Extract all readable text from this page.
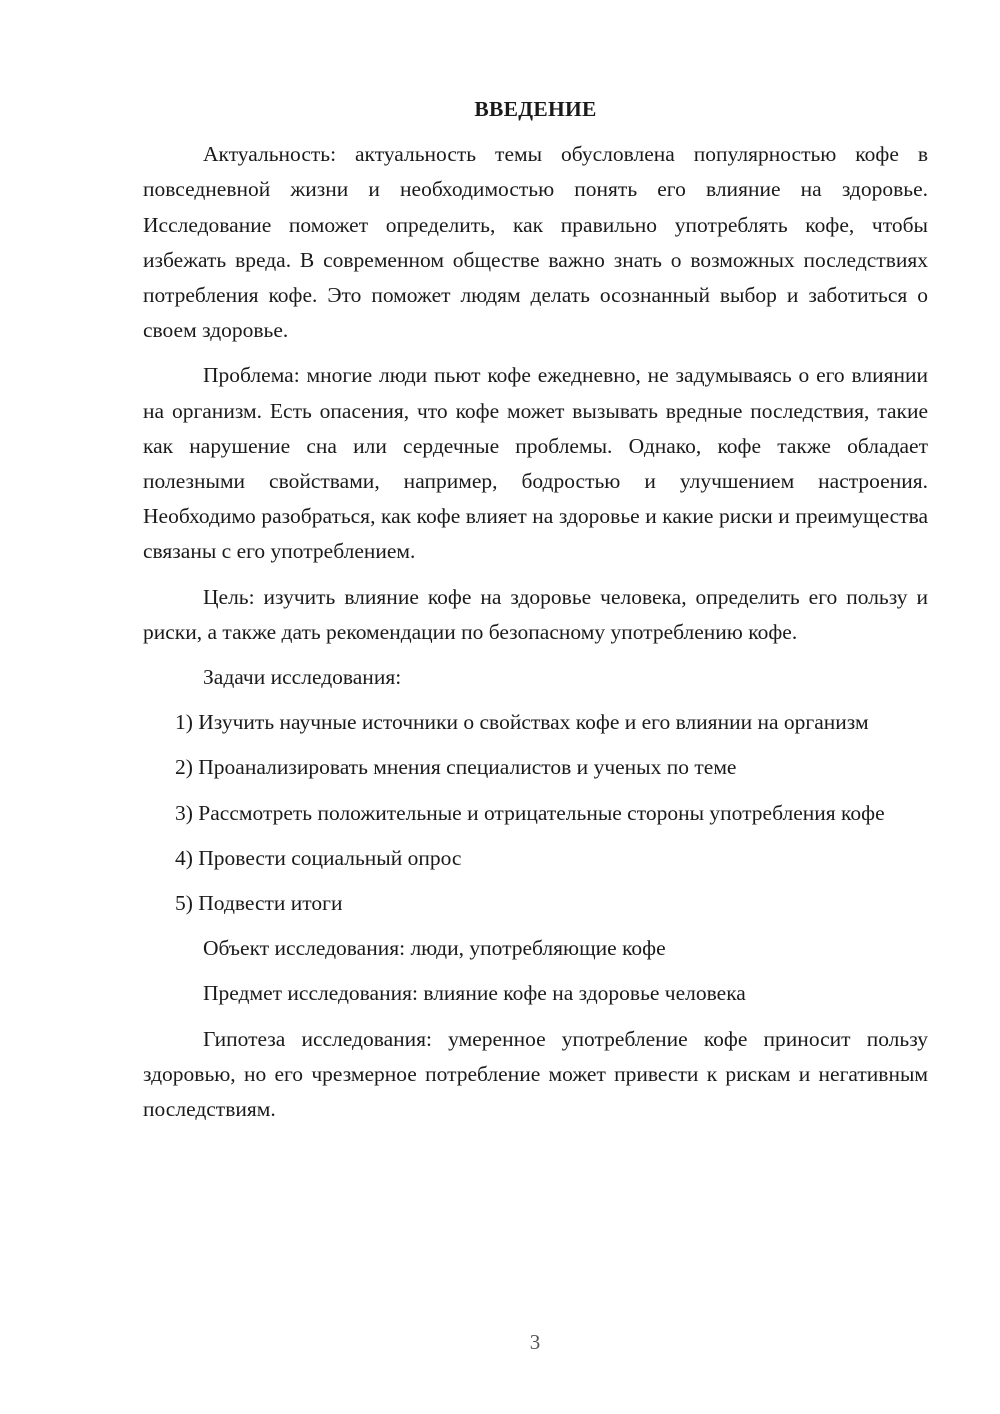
ВВЕДЕНИЕ

Актуальность: актуальность темы обусловлена популярностью кофе в повседневной жизни и необходимостью понять его влияние на здоровье. Исследование поможет определить, как правильно употреблять кофе, чтобы избежать вреда. В современном обществе важно знать о возможных последствиях потребления кофе. Это поможет людям делать осознанный выбор и заботиться о своем здоровье.

Проблема: многие люди пьют кофе ежедневно, не задумываясь о его влиянии на организм. Есть опасения, что кофе может вызывать вредные последствия, такие как нарушение сна или сердечные проблемы. Однако, кофе также обладает полезными свойствами, например, бодростью и улучшением настроения. Необходимо разобраться, как кофе влияет на здоровье и какие риски и преимущества связаны с его употреблением.

Цель: изучить влияние кофе на здоровье человека, определить его пользу и риски, а также дать рекомендации по безопасному употреблению кофе.

Задачи исследования:

1) Изучить научные источники о свойствах кофе и его влиянии на организм

2) Проанализировать мнения специалистов и ученых по теме

3) Рассмотреть положительные и отрицательные стороны употребления кофе

4) Провести социальный опрос

5) Подвести итоги

Объект исследования: люди, употребляющие кофе

Предмет исследования: влияние кофе на здоровье человека

Гипотеза исследования: умеренное употребление кофе приносит пользу здоровью, но его чрезмерное потребление может привести к рискам и негативным последствиям.

3
